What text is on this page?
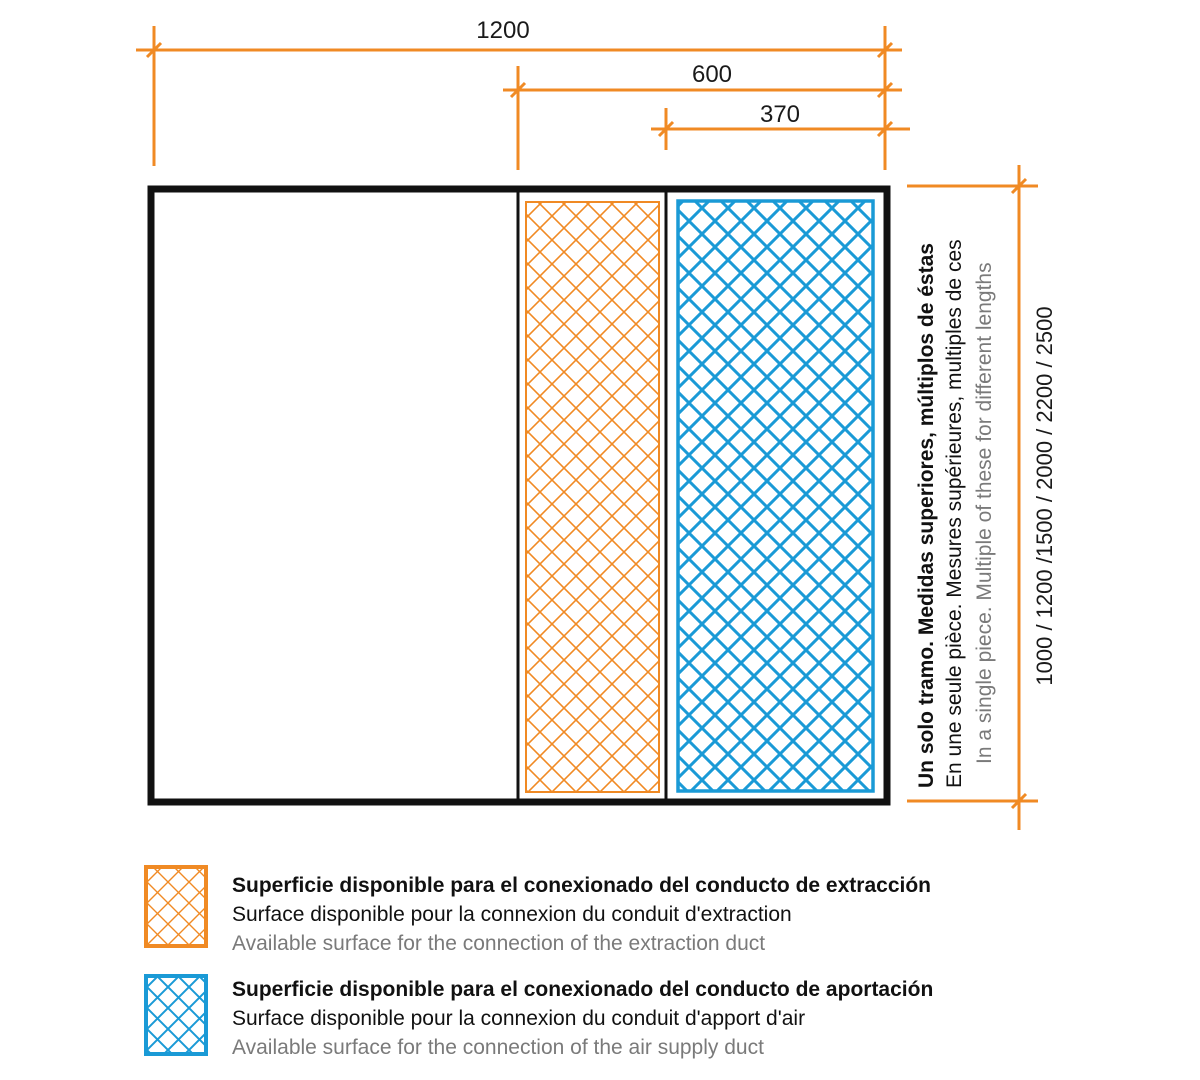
1200
600
370
1000 / 1200 /1500 / 2000 / 2200 / 2500
Un solo tramo. Medidas superiores, múltiplos de éstas En une seule pièce. Mesures supérieures, multiples de ces In a single piece. Multiple of these for different lengths
Superficie disponible para el conexionado del conducto de extracción
Surface disponible pour la connexion du conduit d'extraction
Available surface for the connection of the extraction duct
Superficie disponible para el conexionado del conducto de aportación
Surface disponible pour la connexion du conduit d'apport d'air
Available surface for the connection of the air supply duct
